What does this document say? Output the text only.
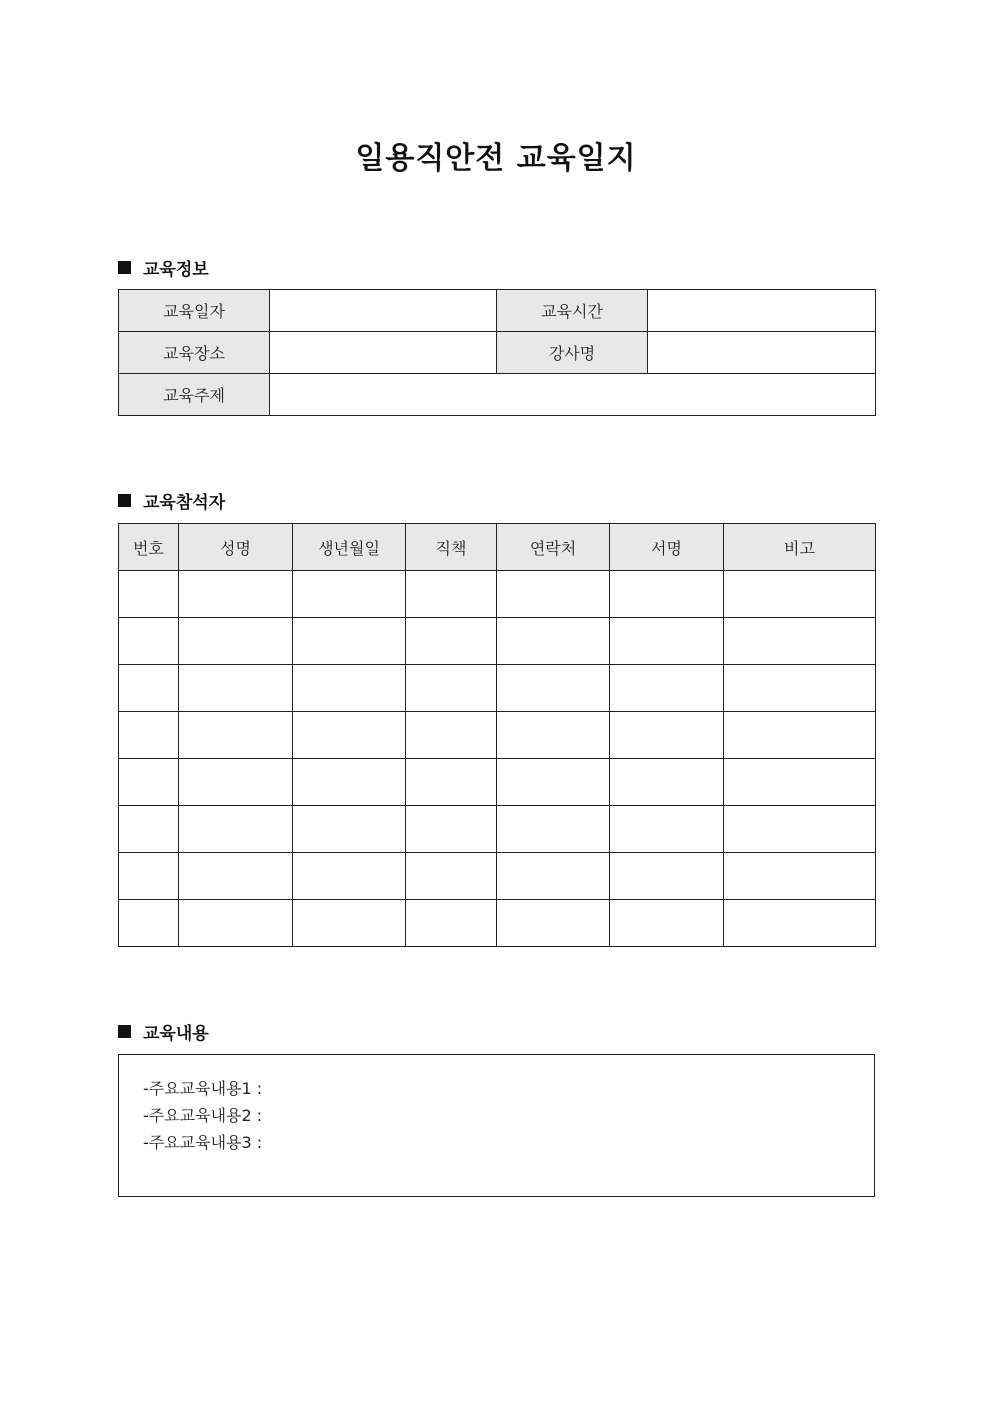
일용직안전 교육일지
교육정보
교육일자		교육시간	
교육장소		강사명	
교육주제			
교육참석자
번호	성명	생년월일	직책	연락처	서명	비고

교육내용
-주요교육내용1 :
-주요교육내용2 :
-주요교육내용3 :
